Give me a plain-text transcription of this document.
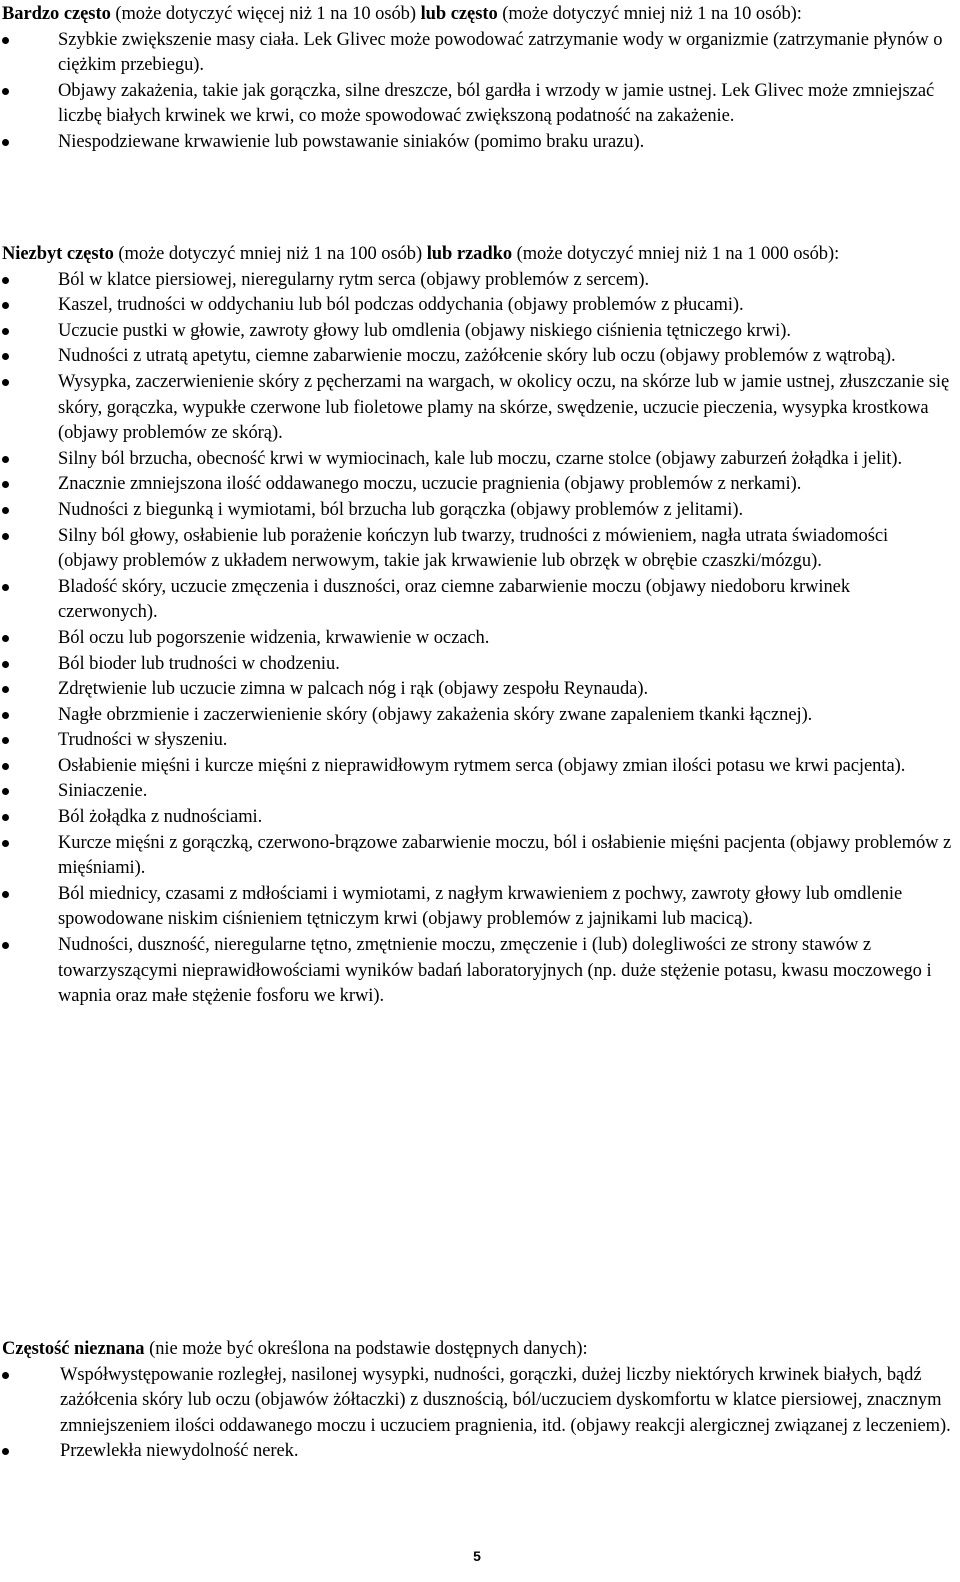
Bardzo często (może dotyczyć więcej niż 1 na 10 osób) lub często (może dotyczyć mniej niż 1 na 10 osób):

Szybkie zwiększenie masy ciała. Lek Glivec może powodować zatrzymanie wody w organizmie (zatrzymanie płynów o ciężkim przebiegu).
Objawy zakażenia, takie jak gorączka, silne dreszcze, ból gardła i wrzody w jamie ustnej. Lek Glivec może zmniejszać liczbę białych krwinek we krwi, co może spowodować zwiększoną podatność na zakażenie.
Niespodziewane krwawienie lub powstawanie siniaków (pomimo braku urazu).

Niezbyt często (może dotyczyć mniej niż 1 na 100 osób) lub rzadko (może dotyczyć mniej niż 1 na 1 000 osób):

Ból w klatce piersiowej, nieregularny rytm serca (objawy problemów z sercem).
Kaszel, trudności w oddychaniu lub ból podczas oddychania (objawy problemów z płucami).
Uczucie pustki w głowie, zawroty głowy lub omdlenia (objawy niskiego ciśnienia tętniczego krwi).
Nudności z utratą apetytu, ciemne zabarwienie moczu, zażółcenie skóry lub oczu (objawy problemów z wątrobą).
Wysypka, zaczerwienienie skóry z pęcherzami na wargach, w okolicy oczu, na skórze lub w jamie ustnej, złuszczanie się skóry, gorączka, wypukłe czerwone lub fioletowe plamy na skórze, swędzenie, uczucie pieczenia, wysypka krostkowa (objawy problemów ze skórą).
Silny ból brzucha, obecność krwi w wymiocinach, kale lub moczu, czarne stolce (objawy zaburzeń żołądka i jelit).
Znacznie zmniejszona ilość oddawanego moczu, uczucie pragnienia (objawy problemów z nerkami).
Nudności z biegunką i wymiotami, ból brzucha lub gorączka (objawy problemów z jelitami).
Silny ból głowy, osłabienie lub porażenie kończyn lub twarzy, trudności z mówieniem, nagła utrata świadomości (objawy problemów z układem nerwowym, takie jak krwawienie lub obrzęk w obrębie czaszki/mózgu).
Bladość skóry, uczucie zmęczenia i duszności, oraz ciemne zabarwienie moczu (objawy niedoboru krwinek czerwonych).
Ból oczu lub pogorszenie widzenia, krwawienie w oczach.
Ból bioder lub trudności w chodzeniu.
Zdrętwienie lub uczucie zimna w palcach nóg i rąk (objawy zespołu Reynauda).
Nagłe obrzmienie i zaczerwienienie skóry (objawy zakażenia skóry zwane zapaleniem tkanki łącznej).
Trudności w słyszeniu.
Osłabienie mięśni i kurcze mięśni z nieprawidłowym rytmem serca (objawy zmian ilości potasu we krwi pacjenta).
Siniaczenie.
Ból żołądka z nudnościami.
Kurcze mięśni z gorączką, czerwono-brązowe zabarwienie moczu, ból i osłabienie mięśni pacjenta (objawy problemów z mięśniami).
Ból miednicy, czasami z mdłościami i wymiotami, z nagłym krwawieniem z pochwy, zawroty głowy lub omdlenie spowodowane niskim ciśnieniem tętniczym krwi (objawy problemów z jajnikami lub macicą).
Nudności, duszność, nieregularne tętno, zmętnienie moczu, zmęczenie i (lub) dolegliwości ze strony stawów z towarzyszącymi nieprawidłowościami wyników badań laboratoryjnych (np. duże stężenie potasu, kwasu moczowego i wapnia oraz małe stężenie fosforu we krwi).

Częstość nieznana (nie może być określona na podstawie dostępnych danych):

Współwystępowanie rozległej, nasilonej wysypki, nudności, gorączki, dużej liczby niektórych krwinek białych, bądź zażółcenia skóry lub oczu (objawów żółtaczki) z dusznością, ból/uczuciem dyskomfortu w klatce piersiowej, znacznym zmniejszeniem ilości oddawanego moczu i uczuciem pragnienia, itd. (objawy reakcji alergicznej związanej z leczeniem).
Przewlekła niewydolność nerek.
5
